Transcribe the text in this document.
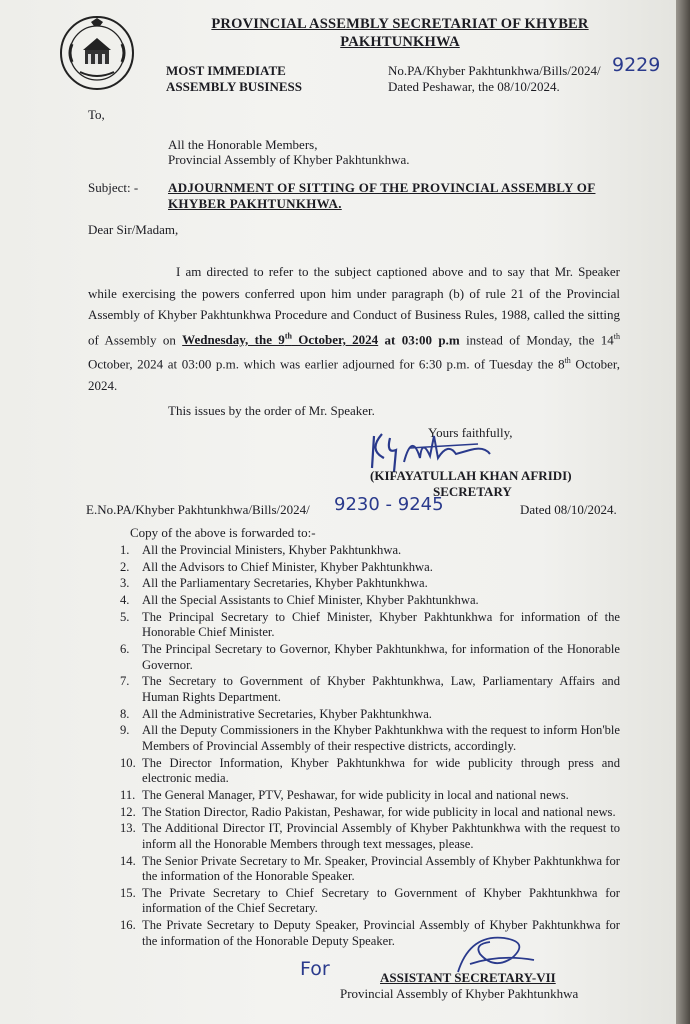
PROVINCIAL ASSEMBLY SECRETARIAT OF KHYBER
PAKHTUNKHWA
MOST IMMEDIATE
ASSEMBLY BUSINESS
No.PA/Khyber Pakhtunkhwa/Bills/2024/ 9229
Dated Peshawar, the 08/10/2024.
To,
All the Honorable Members,
Provincial Assembly of Khyber Pakhtunkhwa.
Subject: - ADJOURNMENT OF SITTING OF THE PROVINCIAL ASSEMBLY OF
KHYBER PAKHTUNKHWA.
Dear Sir/Madam,

I am directed to refer to the subject captioned above and to say that Mr. Speaker while exercising the powers conferred upon him under paragraph (b) of rule 21 of the Provincial Assembly of Khyber Pakhtunkhwa Procedure and Conduct of Business Rules, 1988, called the sitting of Assembly on Wednesday, the 9th October, 2024 at 03:00 p.m instead of Monday, the 14th October, 2024 at 03:00 p.m. which was earlier adjourned for 6:30 p.m. of Tuesday the 8th October, 2024.

This issues by the order of Mr. Speaker.
Yours faithfully,
(KIFAYATULLAH KHAN AFRIDI)
SECRETARY
E.No.PA/Khyber Pakhtunkhwa/Bills/2024/ 9230 - 9245	Dated 08/10/2024.
Copy of the above is forwarded to:-
1. All the Provincial Ministers, Khyber Pakhtunkhwa.
2. All the Advisors to Chief Minister, Khyber Pakhtunkhwa.
3. All the Parliamentary Secretaries, Khyber Pakhtunkhwa.
4. All the Special Assistants to Chief Minister, Khyber Pakhtunkhwa.
5. The Principal Secretary to Chief Minister, Khyber Pakhtunkhwa for information of the Honorable Chief Minister.
6. The Principal Secretary to Governor, Khyber Pakhtunkhwa, for information of the Honorable Governor.
7. The Secretary to Government of Khyber Pakhtunkhwa, Law, Parliamentary Affairs and Human Rights Department.
8. All the Administrative Secretaries, Khyber Pakhtunkhwa.
9. All the Deputy Commissioners in the Khyber Pakhtunkhwa with the request to inform Hon'ble Members of Provincial Assembly of their respective districts, accordingly.
10. The Director Information, Khyber Pakhtunkhwa for wide publicity through press and electronic media.
11. The General Manager, PTV, Peshawar, for wide publicity in local and national news.
12. The Station Director, Radio Pakistan, Peshawar, for wide publicity in local and national news.
13. The Additional Director IT, Provincial Assembly of Khyber Pakhtunkhwa with the request to inform all the Honorable Members through text messages, please.
14. The Senior Private Secretary to Mr. Speaker, Provincial Assembly of Khyber Pakhtunkhwa for the information of the Honorable Speaker.
15. The Private Secretary to Chief Secretary to Government of Khyber Pakhtunkhwa for information of the Chief Secretary.
16. The Private Secretary to Deputy Speaker, Provincial Assembly of Khyber Pakhtunkhwa for the information of the Honorable Deputy Speaker.
For	ASSISTANT SECRETARY-VII
Provincial Assembly of Khyber Pakhtunkhwa
